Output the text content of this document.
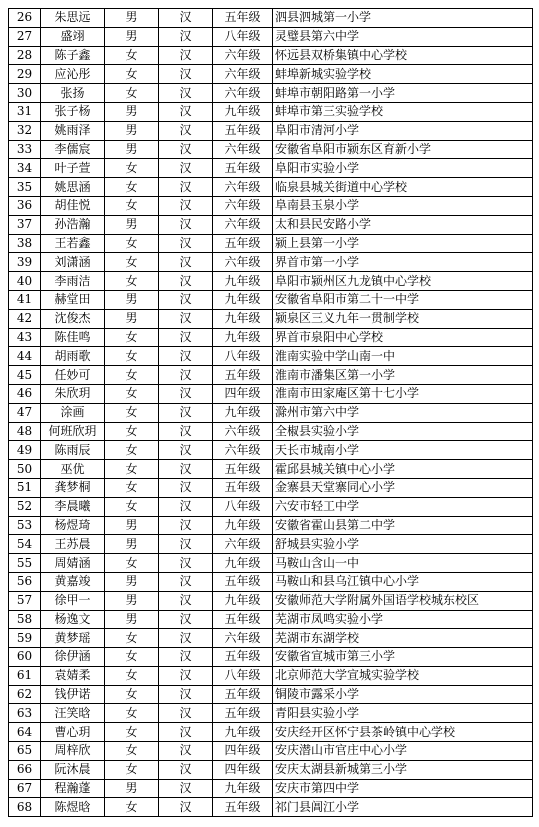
26	朱思远	男	汉	五年级	泗县泗城第一小学
27	盛翊	男	汉	八年级	灵璧县第六中学
28	陈子鑫	女	汉	六年级	怀远县双桥集镇中心学校
29	应沁彤	女	汉	六年级	蚌埠新城实验学校
30	张扬	女	汉	六年级	蚌埠市朝阳路第一小学
31	张子杨	男	汉	九年级	蚌埠市第三实验学校
32	姚雨泽	男	汉	五年级	阜阳市清河小学
33	李儒宸	男	汉	六年级	安徽省阜阳市颍东区育新小学
34	叶子萱	女	汉	五年级	阜阳市实验小学
35	姚思涵	女	汉	六年级	临泉县城关街道中心学校
36	胡佳悦	女	汉	六年级	阜南县玉泉小学
37	孙浩瀚	男	汉	六年级	太和县民安路小学
38	王若鑫	女	汉	五年级	颍上县第一小学
39	刘潇涵	女	汉	六年级	界首市第一小学
40	李雨洁	女	汉	九年级	阜阳市颍州区九龙镇中心学校
41	赫堂田	男	汉	九年级	安徽省阜阳市第二十一中学
42	沈俊杰	男	汉	九年级	颍泉区三义九年一贯制学校
43	陈佳鸣	女	汉	九年级	界首市泉阳中心学校
44	胡雨歌	女	汉	八年级	淮南实验中学山南一中
45	任妙可	女	汉	五年级	淮南市潘集区第一小学
46	朱欣玥	女	汉	四年级	淮南市田家庵区第十七小学
47	涂画	女	汉	九年级	滁州市第六中学
48	何班欣玥	女	汉	六年级	全椒县实验小学
49	陈雨辰	女	汉	六年级	天长市城南小学
50	巫优	女	汉	五年级	霍邱县城关镇中心小学
51	龚梦桐	女	汉	五年级	金寨县天堂寨同心小学
52	李晨曦	女	汉	八年级	六安市轻工中学
53	杨煜琦	男	汉	九年级	安徽省霍山县第二中学
54	王苏晨	男	汉	六年级	舒城县实验小学
55	周婧涵	女	汉	九年级	马鞍山含山一中
56	黄嘉竣	男	汉	五年级	马鞍山和县乌江镇中心小学
57	徐甲一	男	汉	九年级	安徽师范大学附属外国语学校城东校区
58	杨逸文	男	汉	五年级	芜湖市凤鸣实验小学
59	黄梦瑶	女	汉	六年级	芜湖市东湖学校
60	徐伊涵	女	汉	五年级	安徽省宣城市第三小学
61	袁婧柔	女	汉	八年级	北京师范大学宣城实验学校
62	钱伊诺	女	汉	五年级	铜陵市露采小学
63	汪笑晗	女	汉	五年级	青阳县实验小学
64	曹心玥	女	汉	九年级	安庆经开区怀宁县茶岭镇中心学校
65	周梓欣	女	汉	四年级	安庆潜山市官庄中心小学
66	阮沐晨	女	汉	四年级	安庆太湖县新城第三小学
67	程瀚蓬	男	汉	九年级	安庆市第四中学
68	陈煜晗	女	汉	五年级	祁门县阊江小学
